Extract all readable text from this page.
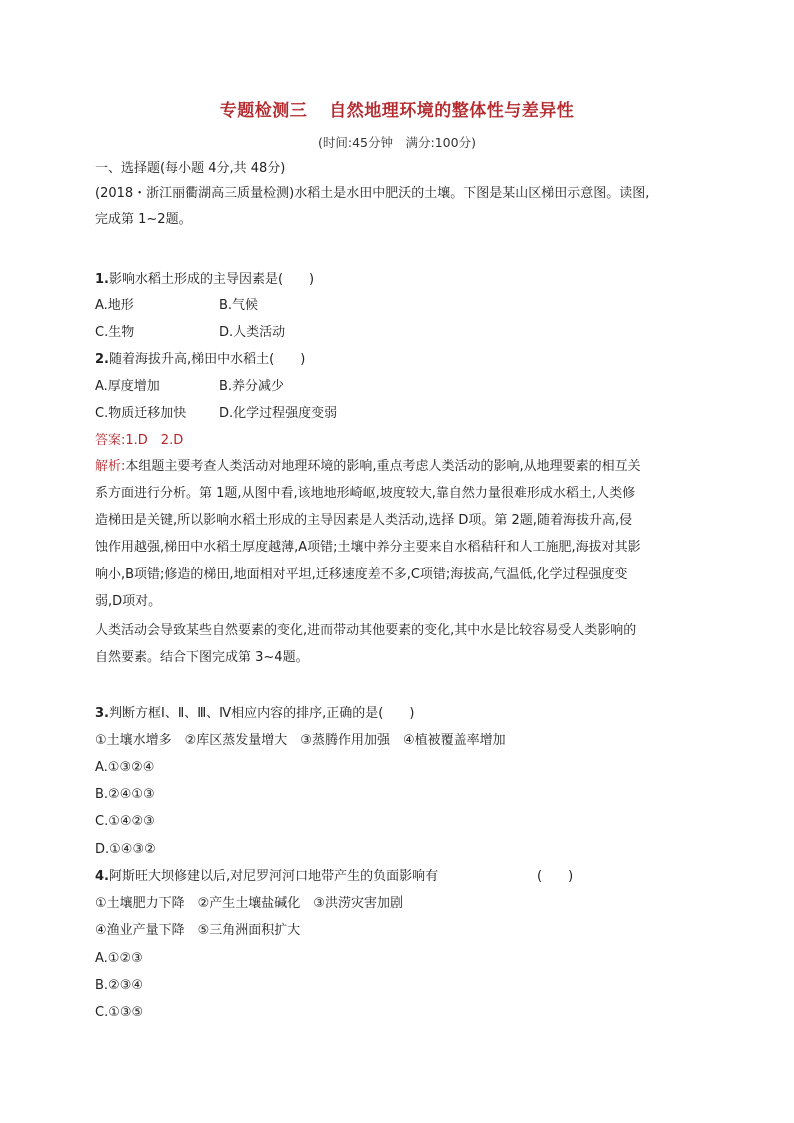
专题检测三 自然地理环境的整体性与差异性
(时间:45分钟　满分:100分)
一、选择题(每小题 4分,共 48分)
(2018・浙江丽衢湖高三质量检测)水稻土是水田中肥沃的土壤。下图是某山区梯田示意图。读图,
完成第 1~2题。
1.影响水稻土形成的主导因素是(　　)
A.地形	B.气候
C.生物	D.人类活动
2.随着海拔升高,梯田中水稻土(　　)
A.厚度增加	B.养分减少
C.物质迁移加快	D.化学过程强度变弱
答案:1.D　2.D
解析:本组题主要考查人类活动对地理环境的影响,重点考虑人类活动的影响,从地理要素的相互关
系方面进行分析。第 1题,从图中看,该地地形崎岖,坡度较大,靠自然力量很难形成水稻土,人类修
造梯田是关键,所以影响水稻土形成的主导因素是人类活动,选择 D项。第 2题,随着海拔升高,侵
蚀作用越强,梯田中水稻土厚度越薄,A项错;土壤中养分主要来自水稻秸秆和人工施肥,海拔对其影
响小,B项错;修造的梯田,地面相对平坦,迁移速度差不多,C项错;海拔高,气温低,化学过程强度变
弱,D项对。
人类活动会导致某些自然要素的变化,进而带动其他要素的变化,其中水是比较容易受人类影响的
自然要素。结合下图完成第 3~4题。
3.判断方框Ⅰ、Ⅱ、Ⅲ、Ⅳ相应内容的排序,正确的是(　　)
①土壤水增多　②库区蒸发量增大　③蒸腾作用加强　④植被覆盖率增加
A.①③②④
B.②④①③
C.①④②③
D.①④③②
4.阿斯旺大坝修建以后,对尼罗河河口地带产生的负面影响有	(　　)
①土壤肥力下降　②产生土壤盐碱化　③洪涝灾害加剧
④渔业产量下降　⑤三角洲面积扩大
A.①②③
B.②③④
C.①③⑤
